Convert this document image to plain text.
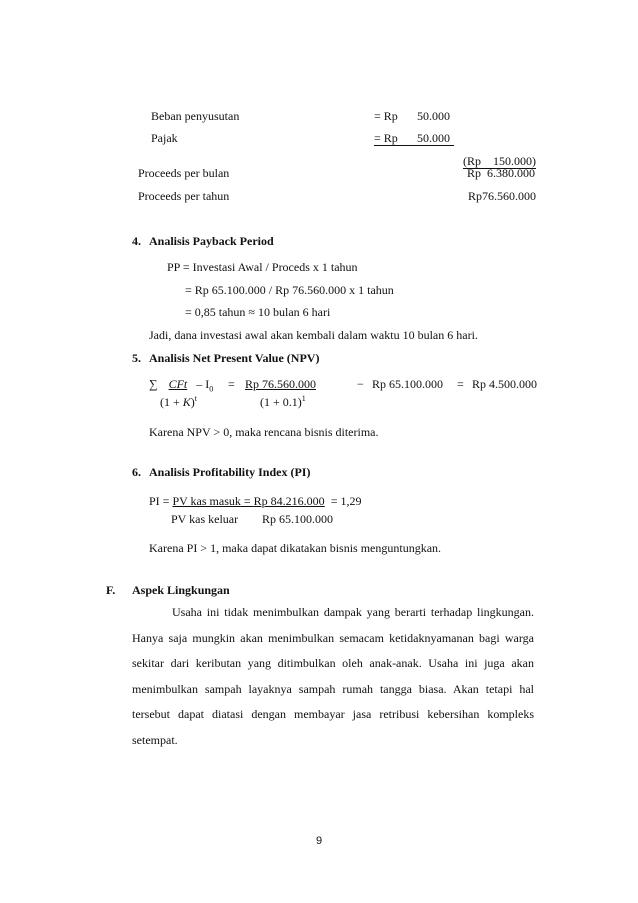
Beban penyusutan	= Rp 50.000
Pajak	= Rp 50.000
(Rp    150.000)
Proceeds per bulan	Rp  6.380.000
Proceeds per tahun	Rp76.560.000
4. Analisis Payback Period
PP = Investasi Awal / Proceds x 1 tahun
= Rp 65.100.000 / Rp 76.560.000 x 1 tahun
= 0,85 tahun ≈ 10 bulan 6 hari
Jadi, dana investasi awal akan kembali dalam waktu 10 bulan 6 hari.
5. Analisis Net Present Value (NPV)
∑ CFt – $I_0 = Rp$ 76.560.000	− Rp 65.100.000 = Rp 4.500.000
$(1 + K)^t$	$(1 + 0.1)^1$
Karena NPV > 0, maka rencana bisnis diterima.
6. Analisis Profitability Index (PI)
PI = PV kas masuk = Rp 84.216.000 = 1,29
PV kas keluar Rp 65.100.000
Karena PI > 1, maka dapat dikatakan bisnis menguntungkan.
F. Aspek Lingkungan
Usaha ini tidak menimbulkan dampak yang berarti terhadap lingkungan. Hanya saja mungkin akan menimbulkan semacam ketidaknyamanan bagi warga sekitar dari keributan yang ditimbulkan oleh anak-anak. Usaha ini juga akan menimbulkan sampah layaknya sampah rumah tangga biasa. Akan tetapi hal tersebut dapat diatasi dengan membayar jasa retribusi kebersihan kompleks setempat.
9
